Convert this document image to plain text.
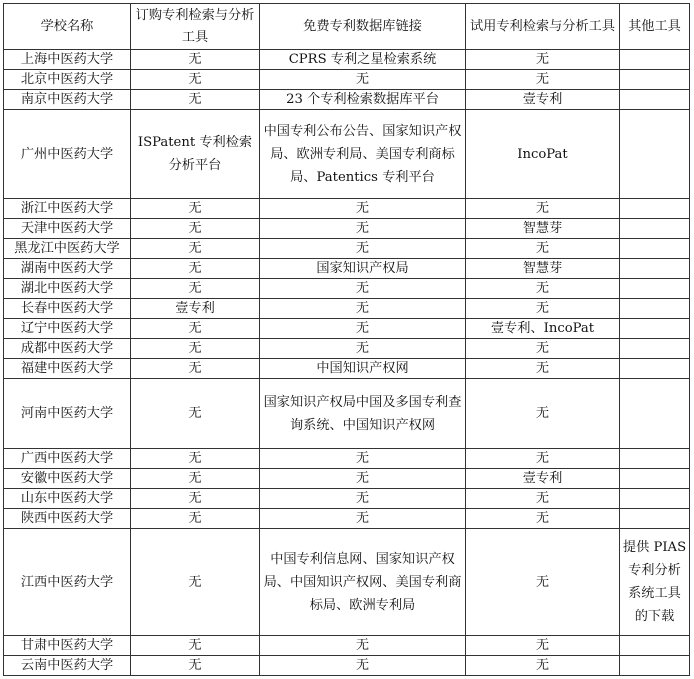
学校名称	订购专利检索与分析工具	免费专利数据库链接	试用专利检索与分析工具	其他工具
上海中医药大学	无	CPRS 专利之星检索系统	无	
北京中医药大学	无	无	无	
南京中医药大学	无	23 个专利检索数据库平台	壹专利	
广州中医药大学	ISPatent 专利检索分析平台	中国专利公布公告、国家知识产权局、欧洲专利局、美国专利商标局、Patentics 专利平台	IncoPat	
浙江中医药大学	无	无	无	
天津中医药大学	无	无	智慧芽	
黑龙江中医药大学	无	无	无	
湖南中医药大学	无	国家知识产权局	智慧芽	
湖北中医药大学	无	无	无	
长春中医药大学	壹专利	无	无	
辽宁中医药大学	无	无	壹专利、IncoPat	
成都中医药大学	无	无	无	
福建中医药大学	无	中国知识产权网	无	
河南中医药大学	无	国家知识产权局中国及多国专利查询系统、中国知识产权网	无	
广西中医药大学	无	无	无	
安徽中医药大学	无	无	壹专利	
山东中医药大学	无	无	无	
陕西中医药大学	无	无	无	
江西中医药大学	无	中国专利信息网、国家知识产权局、中国知识产权网、美国专利商标局、欧洲专利局	无	提供 PIAS 专利分析系统工具的下载
甘肃中医药大学	无	无	无	
云南中医药大学	无	无	无	
